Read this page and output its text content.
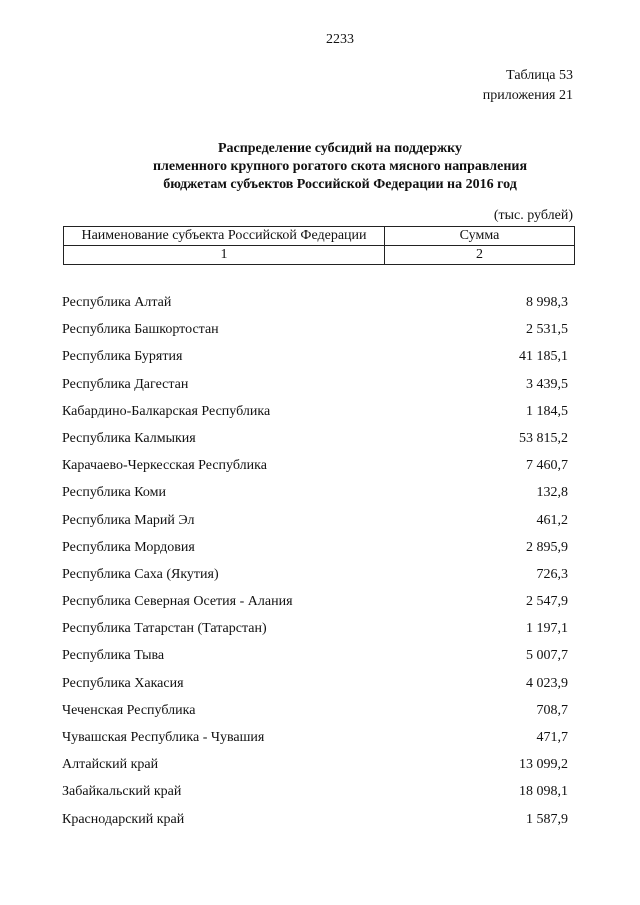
2233
Таблица 53
приложения 21
Распределение субсидий на поддержку
племенного крупного рогатого скота мясного направления
бюджетам субъектов Российской Федерации на 2016 год
(тыс. рублей)
Наименование субъекта Российской Федерации	Сумма
1	2
Республика Алтай	8 998,3
Республика Башкортостан	2 531,5
Республика Бурятия	41 185,1
Республика Дагестан	3 439,5
Кабардино-Балкарская Республика	1 184,5
Республика Калмыкия	53 815,2
Карачаево-Черкесская Республика	7 460,7
Республика Коми	132,8
Республика Марий Эл	461,2
Республика Мордовия	2 895,9
Республика Саха (Якутия)	726,3
Республика Северная Осетия - Алания	2 547,9
Республика Татарстан (Татарстан)	1 197,1
Республика Тыва	5 007,7
Республика Хакасия	4 023,9
Чеченская Республика	708,7
Чувашская Республика - Чувашия	471,7
Алтайский край	13 099,2
Забайкальский край	18 098,1
Краснодарский край	1 587,9
